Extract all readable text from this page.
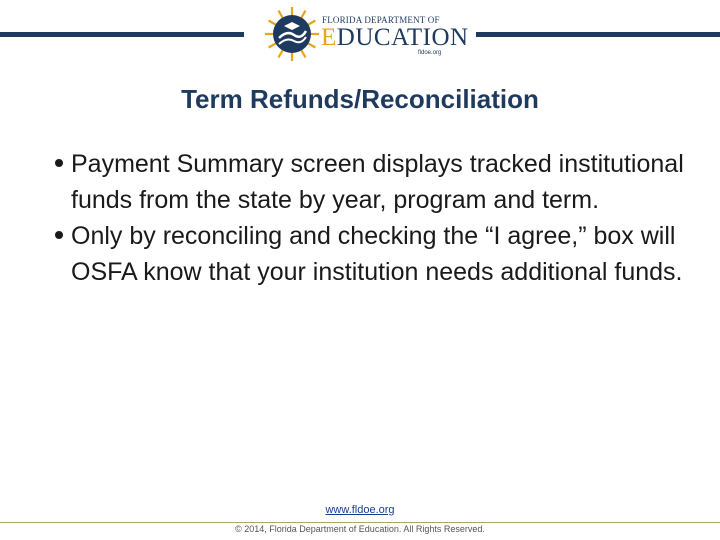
FLORIDA DEPARTMENT OF
EDUCATION
fldoe.org
Term Refunds/Reconciliation
Payment Summary screen displays tracked institutional funds from the state by year, program and term.
Only by reconciling and checking the “I agree,” box will OSFA know that your institution needs additional funds.
www.fldoe.org
© 2014, Florida Department of Education. All Rights Reserved.
